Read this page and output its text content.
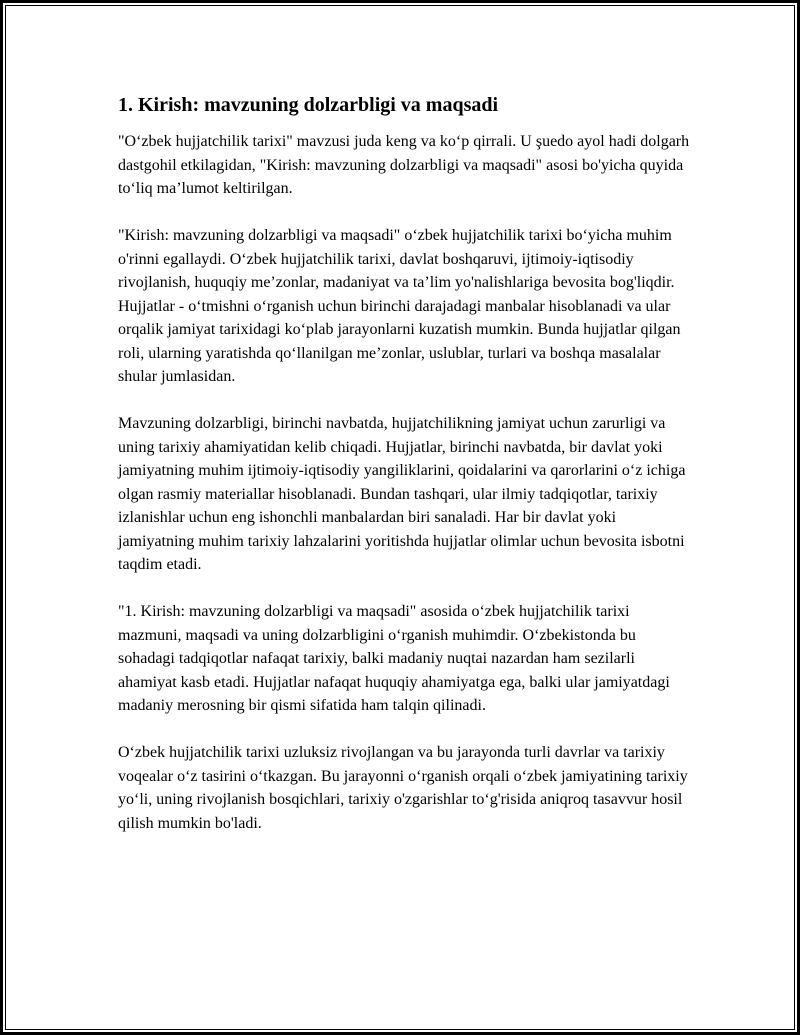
1. Kirish: mavzuning dolzarbligi va maqsadi

"O‘zbek hujjatchilik tarixi" mavzusi juda keng va ko‘p qirrali. U şuedo ayol hadi dolgarh dastgohil etkilagidan, "Kirish: mavzuning dolzarbligi va maqsadi" asosi bo'yicha quyida to‘liq ma’lumot keltirilgan.

"Kirish: mavzuning dolzarbligi va maqsadi" o‘zbek hujjatchilik tarixi bo‘yicha muhim o'rinni egallaydi. O‘zbek hujjatchilik tarixi, davlat boshqaruvi, ijtimoiy-iqtisodiy rivojlanish, huquqiy me’zonlar, madaniyat va ta’lim yo'nalishlariga bevosita bog'liqdir. Hujjatlar - o‘tmishni o‘rganish uchun birinchi darajadagi manbalar hisoblanadi va ular orqalik jamiyat tarixidagi ko‘plab jarayonlarni kuzatish mumkin. Bunda hujjatlar qilgan roli, ularning yaratishda qo‘llanilgan me’zonlar, uslublar, turlari va boshqa masalalar shular jumlasidan.

Mavzuning dolzarbligi, birinchi navbatda, hujjatchilikning jamiyat uchun zarurligi va uning tarixiy ahamiyatidan kelib chiqadi. Hujjatlar, birinchi navbatda, bir davlat yoki jamiyatning muhim ijtimoiy-iqtisodiy yangiliklarini, qoidalarini va qarorlarini o‘z ichiga olgan rasmiy materiallar hisoblanadi. Bundan tashqari, ular ilmiy tadqiqotlar, tarixiy izlanishlar uchun eng ishonchli manbalardan biri sanaladi. Har bir davlat yoki jamiyatning muhim tarixiy lahzalarini yoritishda hujjatlar olimlar uchun bevosita isbotni taqdim etadi.

"1. Kirish: mavzuning dolzarbligi va maqsadi" asosida o‘zbek hujjatchilik tarixi mazmuni, maqsadi va uning dolzarbligini o‘rganish muhimdir. O‘zbekistonda bu sohadagi tadqiqotlar nafaqat tarixiy, balki madaniy nuqtai nazardan ham sezilarli ahamiyat kasb etadi. Hujjatlar nafaqat huquqiy ahamiyatga ega, balki ular jamiyatdagi madaniy merosning bir qismi sifatida ham talqin qilinadi.

O‘zbek hujjatchilik tarixi uzluksiz rivojlangan va bu jarayonda turli davrlar va tarixiy voqealar o‘z tasirini o‘tkazgan. Bu jarayonni o‘rganish orqali o‘zbek jamiyatining tarixiy yo‘li, uning rivojlanish bosqichlari, tarixiy o'zgarishlar to‘g'risida aniqroq tasavvur hosil qilish mumkin bo'ladi.
